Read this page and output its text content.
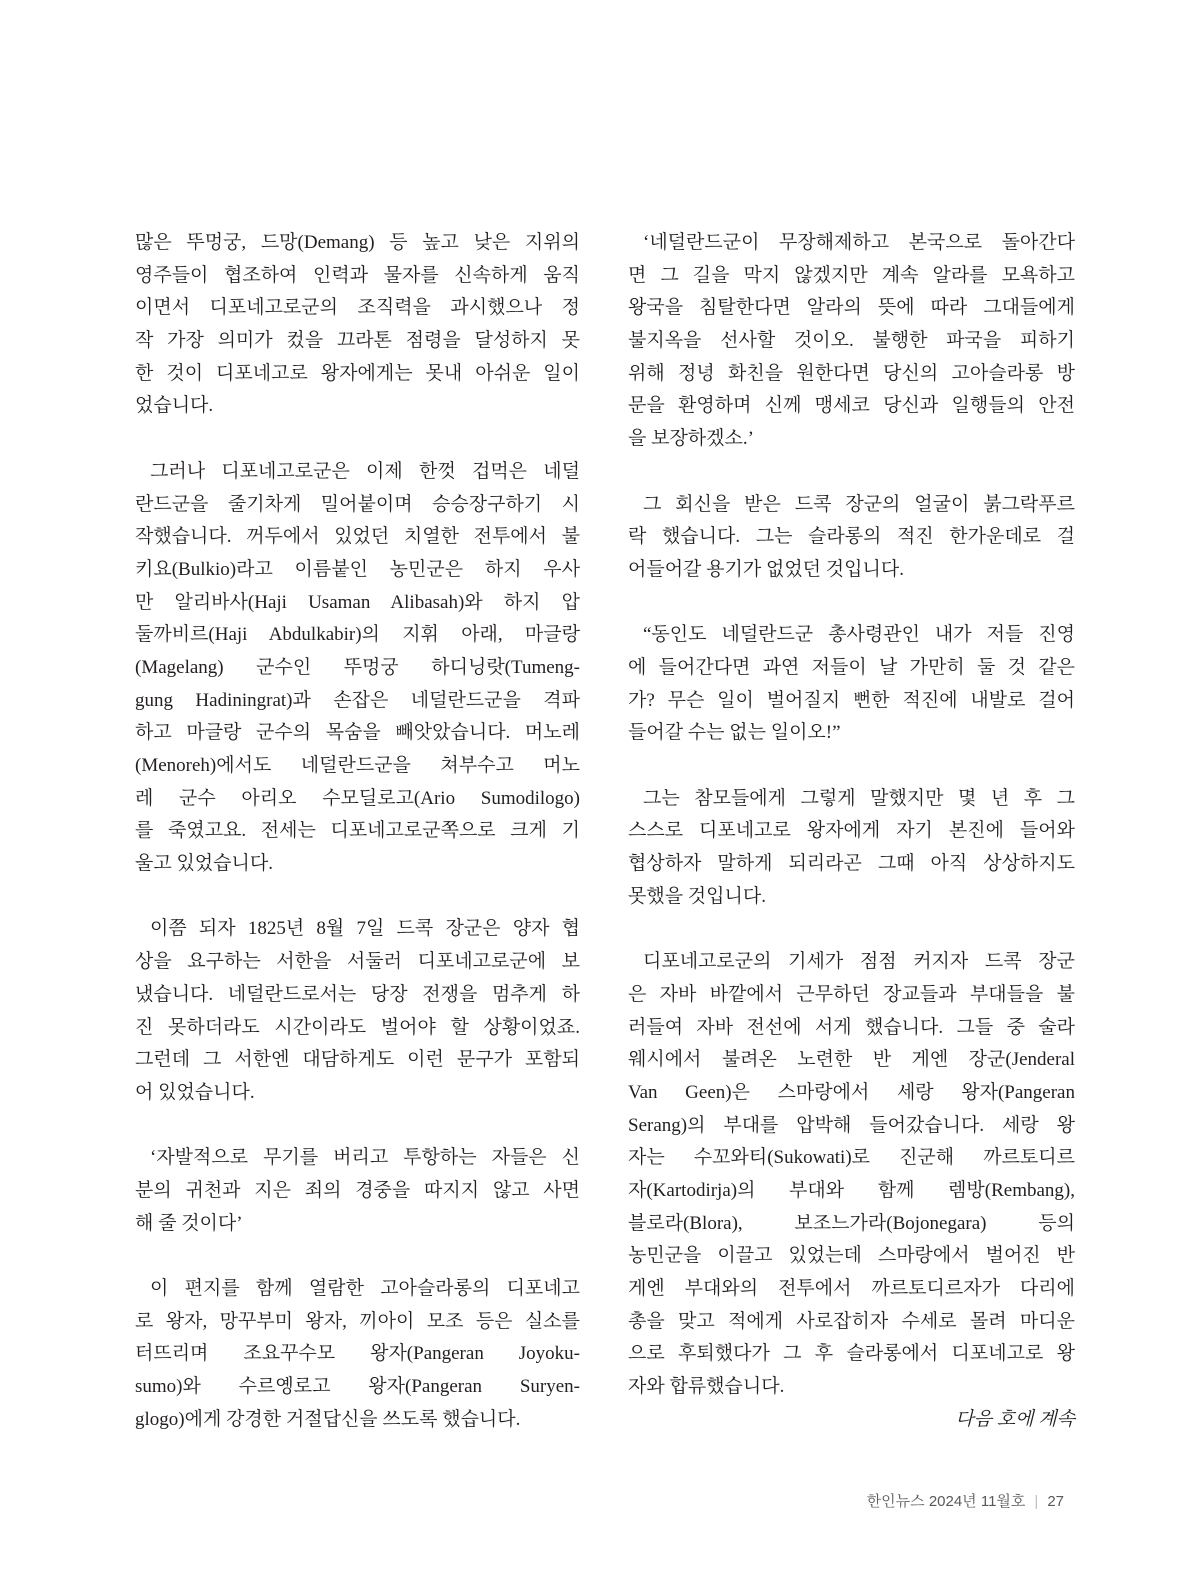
많은 뚜멍궁, 드망(Demang) 등 높고 낮은 지위의
영주들이 협조하여 인력과 물자를 신속하게 움직
이면서 디포네고로군의 조직력을 과시했으나 정
작 가장 의미가 컸을 끄라톤 점령을 달성하지 못
한 것이 디포네고로 왕자에게는 못내 아쉬운 일이
었습니다.
그러나 디포네고로군은 이제 한껏 겁먹은 네덜
란드군을 줄기차게 밀어붙이며 승승장구하기 시
작했습니다. 꺼두에서 있었던 치열한 전투에서 불
키요(Bulkio)라고 이름붙인 농민군은 하지 우사
만 알리바사(Haji Usaman Alibasah)와 하지 압
둘까비르(Haji Abdulkabir)의 지휘 아래, 마글랑
(Magelang) 군수인 뚜멍궁 하디닝랏(Tumeng-
gung Hadiningrat)과 손잡은 네덜란드군을 격파
하고 마글랑 군수의 목숨을 빼앗았습니다. 머노레
(Menoreh)에서도 네덜란드군을 쳐부수고 머노
레 군수 아리오 수모딜로고(Ario Sumodilogo)
를 죽였고요. 전세는 디포네고로군쪽으로 크게 기
울고 있었습니다.
이쯤 되자 1825년 8월 7일 드콕 장군은 양자 협
상을 요구하는 서한을 서둘러 디포네고로군에 보
냈습니다. 네덜란드로서는 당장 전쟁을 멈추게 하
진 못하더라도 시간이라도 벌어야 할 상황이었죠.
그런데 그 서한엔 대담하게도 이런 문구가 포함되
어 있었습니다.
‘자발적으로 무기를 버리고 투항하는 자들은 신
분의 귀천과 지은 죄의 경중을 따지지 않고 사면
해 줄 것이다’
이 편지를 함께 열람한 고아슬라롱의 디포네고
로 왕자, 망꾸부미 왕자, 끼아이 모조 등은 실소를
터뜨리며 조요꾸수모 왕자(Pangeran Joyoku-
sumo)와 수르옝로고 왕자(Pangeran Suryen-
glogo)에게 강경한 거절답신을 쓰도록 했습니다.
‘네덜란드군이 무장해제하고 본국으로 돌아간다
면 그 길을 막지 않겠지만 계속 알라를 모욕하고
왕국을 침탈한다면 알라의 뜻에 따라 그대들에게
불지옥을 선사할 것이오. 불행한 파국을 피하기
위해 정녕 화친을 원한다면 당신의 고아슬라롱 방
문을 환영하며 신께 맹세코 당신과 일행들의 안전
을 보장하겠소.’
그 회신을 받은 드콕 장군의 얼굴이 붉그락푸르
락 했습니다. 그는 슬라롱의 적진 한가운데로 걸
어들어갈 용기가 없었던 것입니다.
“동인도 네덜란드군 총사령관인 내가 저들 진영
에 들어간다면 과연 저들이 날 가만히 둘 것 같은
가? 무슨 일이 벌어질지 뻔한 적진에 내발로 걸어
들어갈 수는 없는 일이오!”
그는 참모들에게 그렇게 말했지만 몇 년 후 그
스스로 디포네고로 왕자에게 자기 본진에 들어와
협상하자 말하게 되리라곤 그때 아직 상상하지도
못했을 것입니다.
디포네고로군의 기세가 점점 커지자 드콕 장군
은 자바 바깥에서 근무하던 장교들과 부대들을 불
러들여 자바 전선에 서게 했습니다. 그들 중 술라
웨시에서 불려온 노련한 반 게엔 장군(Jenderal
Van Geen)은 스마랑에서 세랑 왕자(Pangeran
Serang)의 부대를 압박해 들어갔습니다. 세랑 왕
자는 수꼬와티(Sukowati)로 진군해 까르토디르
자(Kartodirja)의 부대와 함께 렘방(Rembang),
블로라(Blora), 보조느가라(Bojonegara) 등의
농민군을 이끌고 있었는데 스마랑에서 벌어진 반
게엔 부대와의 전투에서 까르토디르자가 다리에
총을 맞고 적에게 사로잡히자 수세로 몰려 마디운
으로 후퇴했다가 그 후 슬라롱에서 디포네고로 왕
자와 합류했습니다.
다음 호에 계속
한인뉴스 2024년 11월호 | 27
